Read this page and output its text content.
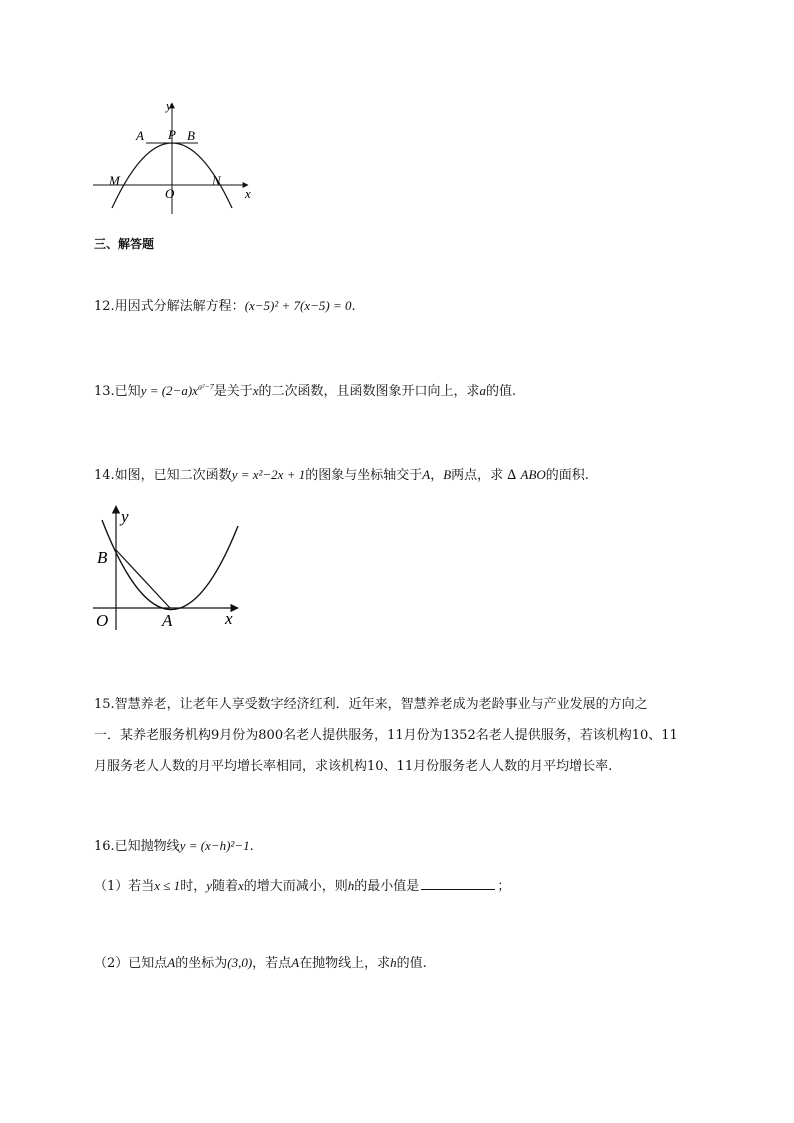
y
A P B
M
O
N
x
三、解答题
12.用因式分解法解方程：(x−5)² + 7(x−5) = 0.
13.已知$y = (2-a)x^{a^2-7}$是关于x的二次函数，且函数图象开口向上，求a的值.
14.如图，已知二次函数y = x²−2x + 1的图象与坐标轴交于A，B两点，求 ∆ ABO的面积.
y
B
O	A	x
15.智慧养老，让老年人享受数字经济红利．近年来，智慧养老成为老龄事业与产业发展的方向之
一．某养老服务机构9月份为800名老人提供服务，11月份为1352名老人提供服务，若该机构10、11
月服务老人人数的月平均增长率相同，求该机构10、11月份服务老人人数的月平均增长率.
16.已知抛物线y = (x−h)²−1.
（1）若当x ≤ 1时，y随着x的增大而减小，则h的最小值是	；
（2）已知点A的坐标为(3,0)，若点A在抛物线上，求h的值.
